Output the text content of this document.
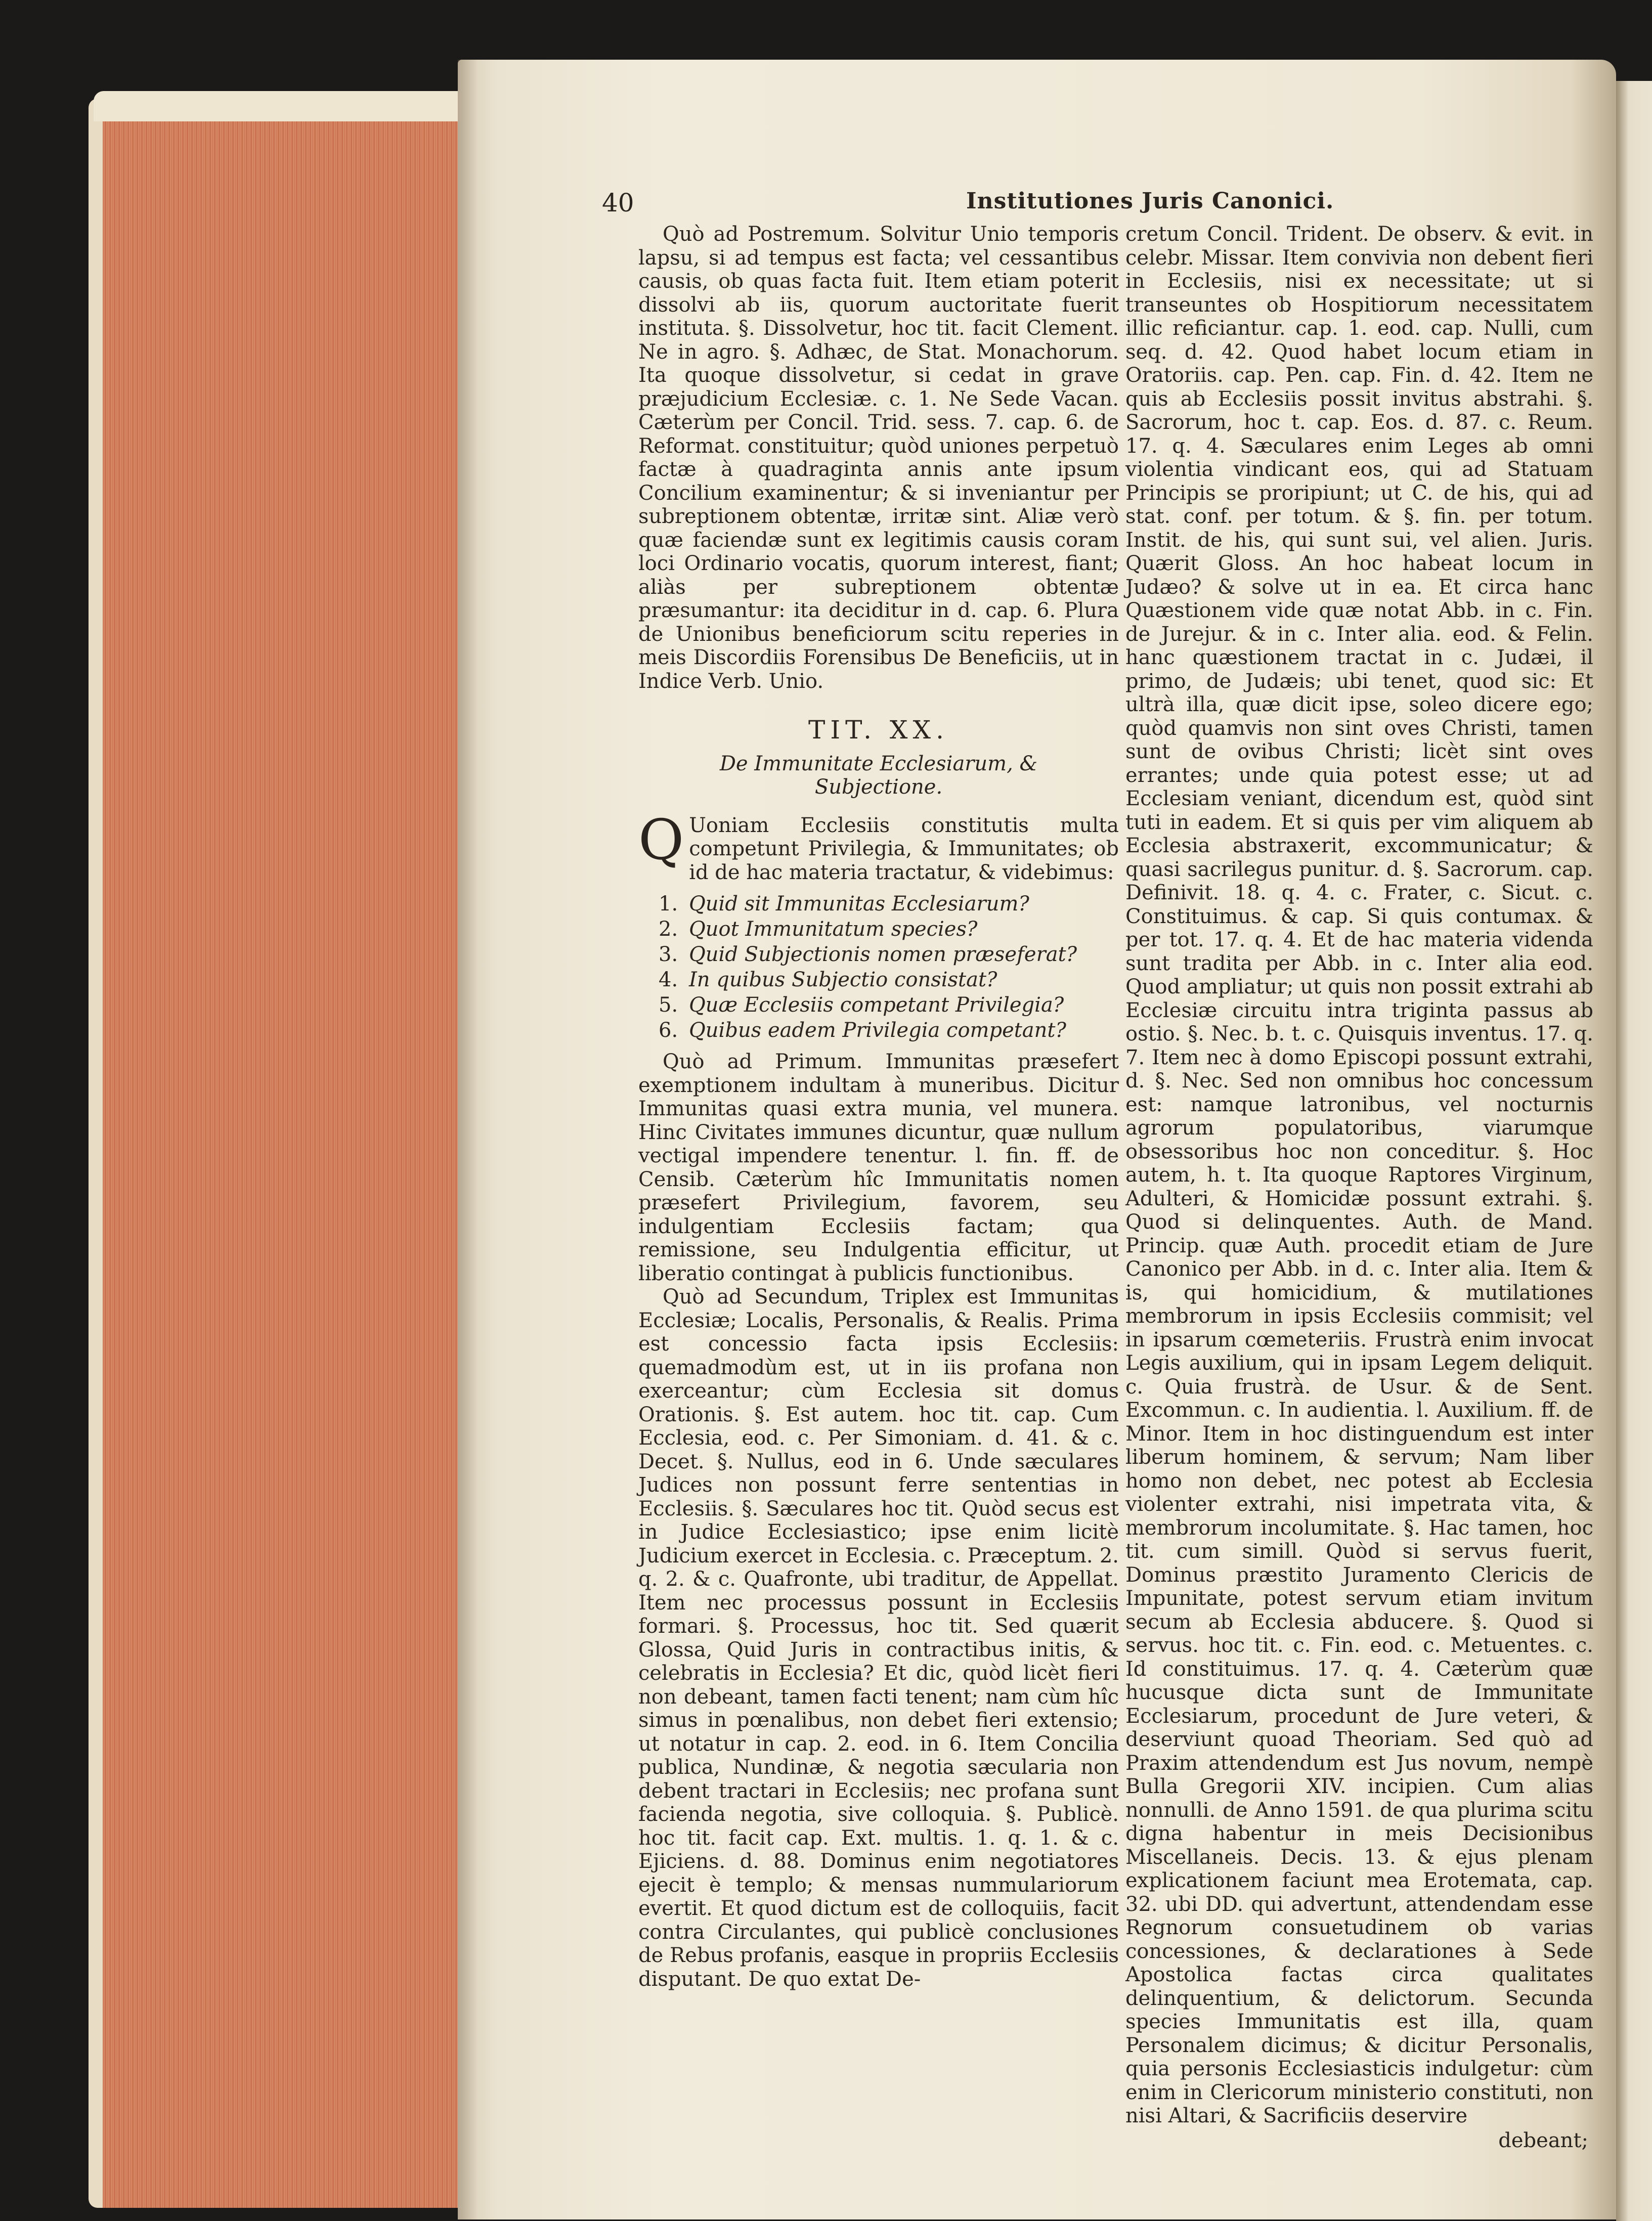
40	Institutiones Juris Canonici.

Quò ad Postremum. Solvitur Unio temporis lapsu, si ad tempus est facta; vel cessantibus causis, ob quas facta fuit. Item etiam poterit dissolvi ab iis, quorum auctoritate fuerit instituta. §. Dissolvetur, hoc tit. facit Clement. Ne in agro. §. Adhæc, de Stat. Monachorum. Ita quoque dissolvetur, si cedat in grave præjudicium Ecclesiæ. c. 1. Ne Sede Vacan. Cæterùm per Concil. Trid. sess. 7. cap. 6. de Reformat. constituitur; quòd uniones perpetuò factæ à quadraginta annis ante ipsum Concilium examinentur; & si inveniantur per subreptionem obtentæ, irritæ sint. Aliæ verò quæ faciendæ sunt ex legitimis causis coram loci Ordinario vocatis, quorum interest, fiant; aliàs per subreptionem obtentæ præsumantur: ita deciditur in d. cap. 6. Plura de Unionibus beneficiorum scitu reperies in meis Discordiis Forensibus De Beneficiis, ut in Indice Verb. Unio.

TIT. XX.
De Immunitate Ecclesiarum, & Subjectione.

Q Uoniam Ecclesiis constitutis multa competunt Privilegia, & Immunitates; ob id de hac materia tractatur, & videbimus:

1. Quid sit Immunitas Ecclesiarum?
2. Quot Immunitatum species?
3. Quid Subjectionis nomen præseferat?
4. In quibus Subjectio consistat?
5. Quæ Ecclesiis competant Privilegia?
6. Quibus eadem Privilegia competant?

Quò ad Primum. Immunitas præsefert exemptionem indultam à muneribus. Dicitur Immunitas quasi extra munia, vel munera. Hinc Civitates immunes dicuntur, quæ nullum vectigal impendere tenentur. l. fin. ff. de Censib. Cæterùm hîc Immunitatis nomen præsefert Privilegium, favorem, seu indulgentiam Ecclesiis factam; qua remissione, seu Indulgentia efficitur, ut liberatio contingat à publicis functionibus.

Quò ad Secundum, Triplex est Immunitas Ecclesiæ; Localis, Personalis, & Realis. Prima est concessio facta ipsis Ecclesiis: quemadmodùm est, ut in iis profana non exerceantur; cùm Ecclesia sit domus Orationis. §. Est autem. hoc tit. cap. Cum Ecclesia, eod. c. Per Simoniam. d. 41. & c. Decet. §. Nullus, eod in 6. Unde sæculares Judices non possunt ferre sententias in Ecclesiis. §. Sæculares hoc tit. Quòd secus est in Judice Ecclesiastico; ipse enim licitè Judicium exercet in Ecclesia. c. Præceptum. 2. q. 2. & c. Quafronte, ubi traditur, de Appellat. Item nec processus possunt in Ecclesiis formari. §. Processus, hoc tit. Sed quærit Glossa, Quid Juris in contractibus initis, & celebratis in Ecclesia? Et dic, quòd licèt fieri non debeant, tamen facti tenent; nam cùm hîc simus in pœnalibus, non debet fieri extensio; ut notatur in cap. 2. eod. in 6. Item Concilia publica, Nundinæ, & negotia sæcularia non debent tractari in Ecclesiis; nec profana sunt facienda negotia, sive colloquia. §. Publicè. hoc tit. facit cap. Ext. multis. 1. q. 1. & c. Ejiciens. d. 88. Dominus enim negotiatores ejecit è templo; & mensas nummulariorum evertit. Et quod dictum est de colloquiis, facit contra Circulantes, qui publicè conclusiones de Rebus profanis, easque in propriis Ecclesiis disputant. De quo extat De-

cretum Concil. Trident. De observ. & evit. in celebr. Missar. Item convivia non debent fieri in Ecclesiis, nisi ex necessitate; ut si transeuntes ob Hospitiorum necessitatem illic reficiantur. cap. 1. eod. cap. Nulli, cum seq. d. 42. Quod habet locum etiam in Oratoriis. cap. Pen. cap. Fin. d. 42. Item ne quis ab Ecclesiis possit invitus abstrahi. §. Sacrorum, hoc t. cap. Eos. d. 87. c. Reum. 17. q. 4. Sæculares enim Leges ab omni violentia vindicant eos, qui ad Statuam Principis se proripiunt; ut C. de his, qui ad stat. conf. per totum. & §. fin. per totum. Instit. de his, qui sunt sui, vel alien. Juris. Quærit Gloss. An hoc habeat locum in Judæo? & solve ut in ea. Et circa hanc Quæstionem vide quæ notat Abb. in c. Fin. de Jurejur. & in c. Inter alia. eod. & Felin. hanc quæstionem tractat in c. Judæi, il primo, de Judæis; ubi tenet, quod sic: Et ultrà illa, quæ dicit ipse, soleo dicere ego; quòd quamvis non sint oves Christi, tamen sunt de ovibus Christi; licèt sint oves errantes; unde quia potest esse; ut ad Ecclesiam veniant, dicendum est, quòd sint tuti in eadem. Et si quis per vim aliquem ab Ecclesia abstraxerit, excommunicatur; & quasi sacrilegus punitur. d. §. Sacrorum. cap. Definivit. 18. q. 4. c. Frater, c. Sicut. c. Constituimus. & cap. Si quis contumax. & per tot. 17. q. 4. Et de hac materia videnda sunt tradita per Abb. in c. Inter alia eod. Quod ampliatur; ut quis non possit extrahi ab Ecclesiæ circuitu intra triginta passus ab ostio. §. Nec. b. t. c. Quisquis inventus. 17. q. 7. Item nec à domo Episcopi possunt extrahi, d. §. Nec. Sed non omnibus hoc concessum est: namque latronibus, vel nocturnis agrorum populatoribus, viarumque obsessoribus hoc non conceditur. §. Hoc autem, h. t. Ita quoque Raptores Virginum, Adulteri, & Homicidæ possunt extrahi. §. Quod si delinquentes. Auth. de Mand. Princip. quæ Auth. procedit etiam de Jure Canonico per Abb. in d. c. Inter alia. Item & is, qui homicidium, & mutilationes membrorum in ipsis Ecclesiis commisit; vel in ipsarum cœmeteriis. Frustrà enim invocat Legis auxilium, qui in ipsam Legem deliquit. c. Quia frustrà. de Usur. & de Sent. Excommun. c. In audientia. l. Auxilium. ff. de Minor. Item in hoc distinguendum est inter liberum hominem, & servum; Nam liber homo non debet, nec potest ab Ecclesia violenter extrahi, nisi impetrata vita, & membrorum incolumitate. §. Hac tamen, hoc tit. cum simill. Quòd si servus fuerit, Dominus præstito Juramento Clericis de Impunitate, potest servum etiam invitum secum ab Ecclesia abducere. §. Quod si servus. hoc tit. c. Fin. eod. c. Metuentes. c. Id constituimus. 17. q. 4. Cæterùm quæ hucusque dicta sunt de Immunitate Ecclesiarum, procedunt de Jure veteri, & deserviunt quoad Theoriam. Sed quò ad Praxim attendendum est Jus novum, nempè Bulla Gregorii XIV. incipien. Cum alias nonnulli. de Anno 1591. de qua plurima scitu digna habentur in meis Decisionibus Miscellaneis. Decis. 13. & ejus plenam explicationem faciunt mea Erotemata, cap. 32. ubi DD. qui advertunt, attendendam esse Regnorum consuetudinem ob varias concessiones, & declarationes à Sede Apostolica factas circa qualitates delinquentium, & delictorum. Secunda species Immunitatis est illa, quam Personalem dicimus; & dicitur Personalis, quia personis Ecclesiasticis indulgetur: cùm enim in Clericorum ministerio constituti, non nisi Altari, & Sacrificiis deservire

debeant;
